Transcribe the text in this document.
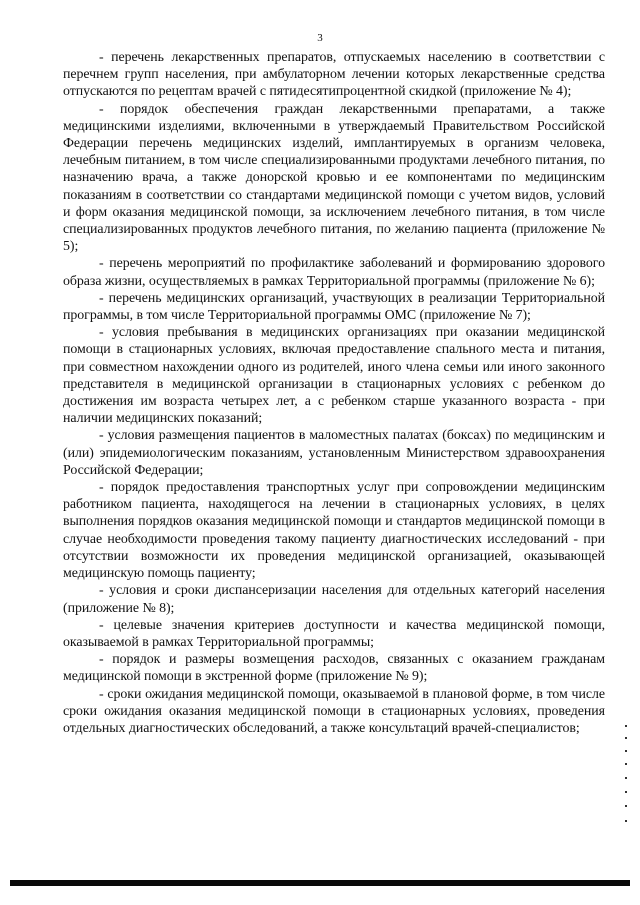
3

- перечень лекарственных препаратов, отпускаемых населению в соответствии с перечнем групп населения, при амбулаторном лечении которых лекарственные средства отпускаются по рецептам врачей с пятидесятипроцентной скидкой (приложение № 4);

- порядок обеспечения граждан лекарственными препаратами, а также медицинскими изделиями, включенными в утверждаемый Правительством Российской Федерации перечень медицинских изделий, имплантируемых в организм человека, лечебным питанием, в том числе специализированными продуктами лечебного питания, по назначению врача, а также донорской кровью и ее компонентами по медицинским показаниям в соответствии со стандартами медицинской помощи с учетом видов, условий и форм оказания медицинской помощи, за исключением лечебного питания, в том числе специализированных продуктов лечебного питания, по желанию пациента (приложение № 5);

- перечень мероприятий по профилактике заболеваний и формированию здорового образа жизни, осуществляемых в рамках Территориальной программы (приложение № 6);

- перечень медицинских организаций, участвующих в реализации Территориальной программы, в том числе Территориальной программы ОМС (приложение № 7);

- условия пребывания в медицинских организациях при оказании медицинской помощи в стационарных условиях, включая предоставление спального места и питания, при совместном нахождении одного из родителей, иного члена семьи или иного законного представителя в медицинской организации в стационарных условиях с ребенком до достижения им возраста четырех лет, а с ребенком старше указанного возраста - при наличии медицинских показаний;

- условия размещения пациентов в маломестных палатах (боксах) по медицинским и (или) эпидемиологическим показаниям, установленным Министерством здравоохранения Российской Федерации;

- порядок предоставления транспортных услуг при сопровождении медицинским работником пациента, находящегося на лечении в стационарных условиях, в целях выполнения порядков оказания медицинской помощи и стандартов медицинской помощи в случае необходимости проведения такому пациенту диагностических исследований - при отсутствии возможности их проведения медицинской организацией, оказывающей медицинскую помощь пациенту;

- условия и сроки диспансеризации населения для отдельных категорий населения (приложение № 8);

- целевые значения критериев доступности и качества медицинской помощи, оказываемой в рамках Территориальной программы;

- порядок и размеры возмещения расходов, связанных с оказанием гражданам медицинской помощи в экстренной форме (приложение № 9);

- сроки ожидания медицинской помощи, оказываемой в плановой форме, в том числе сроки ожидания оказания медицинской помощи в стационарных условиях, проведения отдельных диагностических обследований, а также консультаций врачей-специалистов;
